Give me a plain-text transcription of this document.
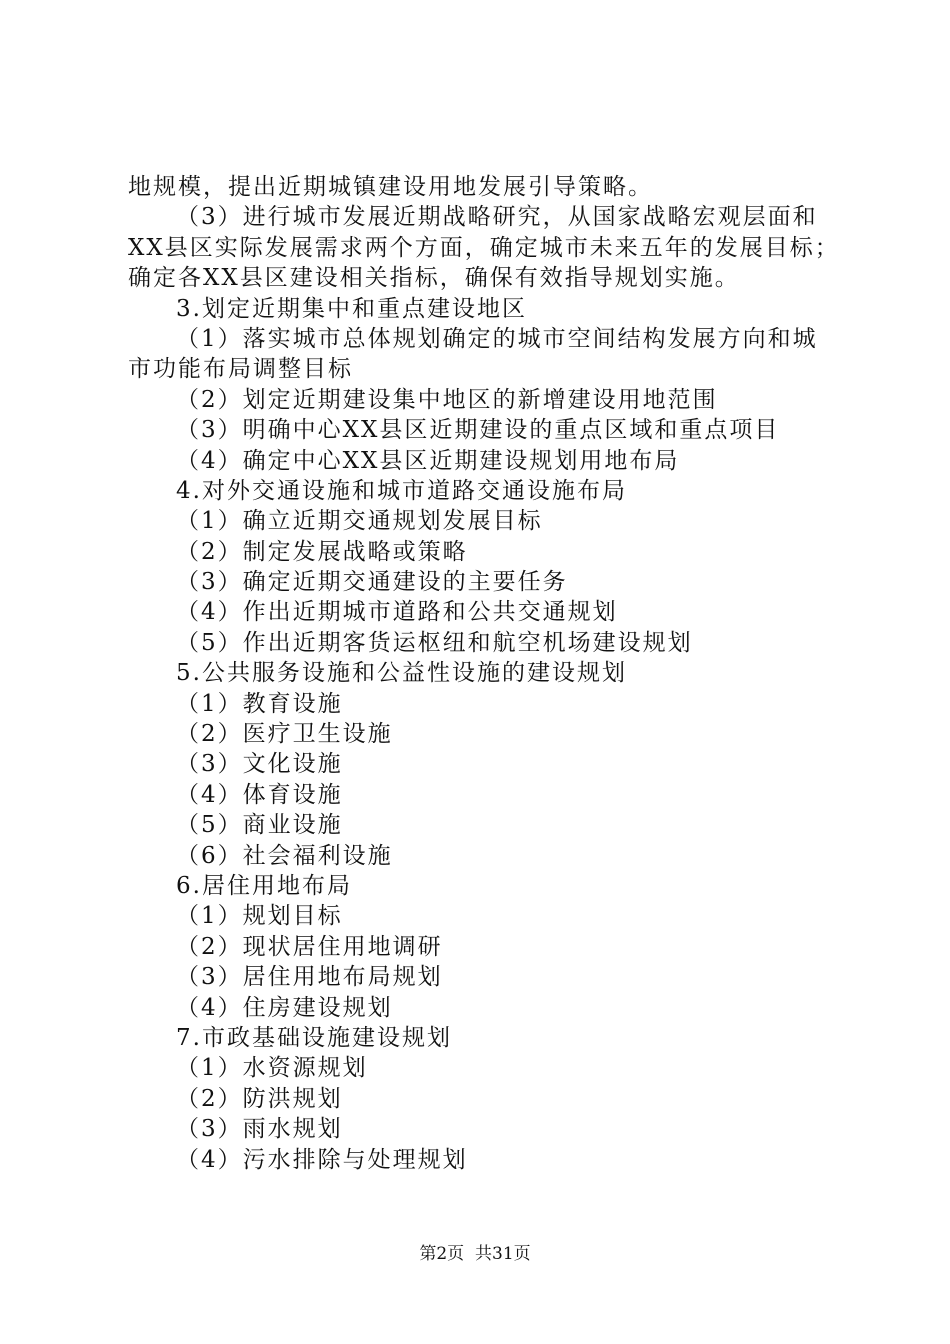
地规模，提出近期城镇建设用地发展引导策略。
（3）进行城市发展近期战略研究，从国家战略宏观层面和
XX县区实际发展需求两个方面，确定城市未来五年的发展目标；
确定各XX县区建设相关指标，确保有效指导规划实施。
3.划定近期集中和重点建设地区
（1）落实城市总体规划确定的城市空间结构发展方向和城
市功能布局调整目标
（2）划定近期建设集中地区的新增建设用地范围
（3）明确中心XX县区近期建设的重点区域和重点项目
（4）确定中心XX县区近期建设规划用地布局
4.对外交通设施和城市道路交通设施布局
（1）确立近期交通规划发展目标
（2）制定发展战略或策略
（3）确定近期交通建设的主要任务
（4）作出近期城市道路和公共交通规划
（5）作出近期客货运枢纽和航空机场建设规划
5.公共服务设施和公益性设施的建设规划
（1）教育设施
（2）医疗卫生设施
（3）文化设施
（4）体育设施
（5）商业设施
（6）社会福利设施
6.居住用地布局
（1）规划目标
（2）现状居住用地调研
（3）居住用地布局规划
（4）住房建设规划
7.市政基础设施建设规划
（1）水资源规划
（2）防洪规划
（3）雨水规划
（4）污水排除与处理规划
第2页 共31页
